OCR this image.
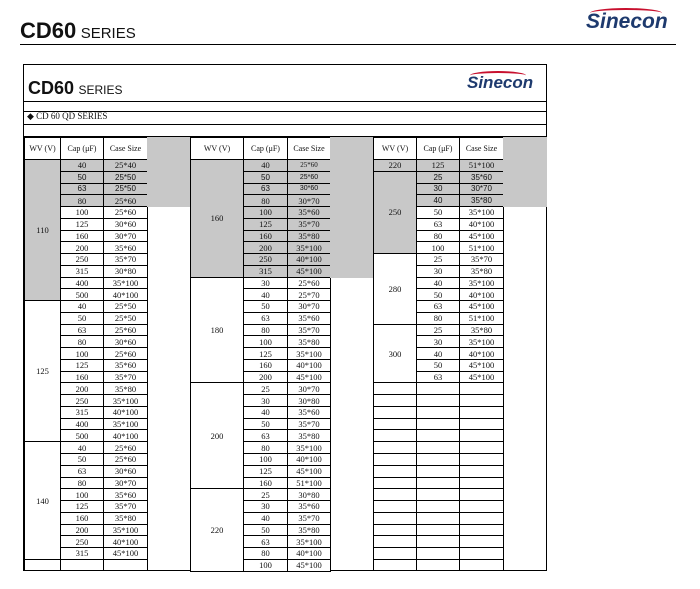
CD60 SERIES
Sinecon
CD60 SERIES	Sinecon
◆ CD 60 QD SERIES
WV (V)	Cap (μF)	Case Size
110
40	25*40
50	25*50
63	25*50
80	25*60
100	25*60
125	30*60
160	30*70
200	35*60
250	35*70
315	30*80
400	35*100
500	40*100
125
40	25*50
50	25*50
63	25*60
80	30*60
100	25*60
125	35*60
160	35*70
200	35*80
250	35*100
315	40*100
400	35*100
500	40*100
140
40	25*60
50	25*60
63	30*60
80	30*70
100	35*60
125	35*70
160	35*80
200	35*100
250	40*100
315	45*100
WV (V)	Cap (μF)	Case Size
160
40	25*60
50	25*60
63	30*60
80	30*70
100	35*60
125	35*70
160	35*80
200	35*100
250	40*100
315	45*100
180
30	25*60
40	25*70
50	30*70
63	35*60
80	35*70
100	35*80
125	35*100
160	40*100
200	45*100
200
25	30*70
30	30*80
40	35*60
50	35*70
63	35*80
80	35*100
100	40*100
125	45*100
160	51*100
220
25	30*80
30	35*60
40	35*70
50	35*80
63	35*100
80	40*100
100	45*100
WV (V)	Cap (μF)	Case Size
220	125	51*100
250
25	35*60
30	30*70
40	35*80
50	35*100
63	40*100
80	45*100
100	51*100
280
25	35*70
30	35*80
40	35*100
50	40*100
63	45*100
80	51*100
300
25	35*80
30	35*100
40	40*100
50	45*100
63	45*100
